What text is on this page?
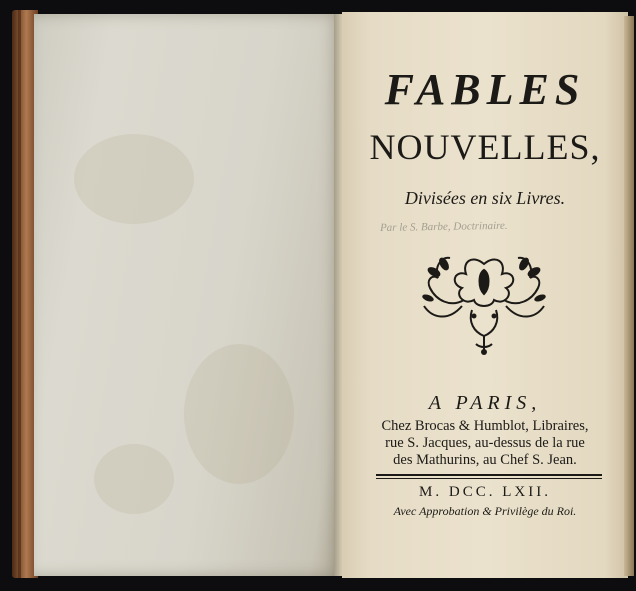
FABLES
NOUVELLES,
Divisées en six Livres.
Par le S. Barbe, Doctrinaire.
A PARIS,
Chez Brocas & Humblot, Libraires,
rue S. Jacques, au-dessus de la rue
des Mathurins, au Chef S. Jean.
M. DCC. LXII.
Avec Approbation & Privilège du Roi.
